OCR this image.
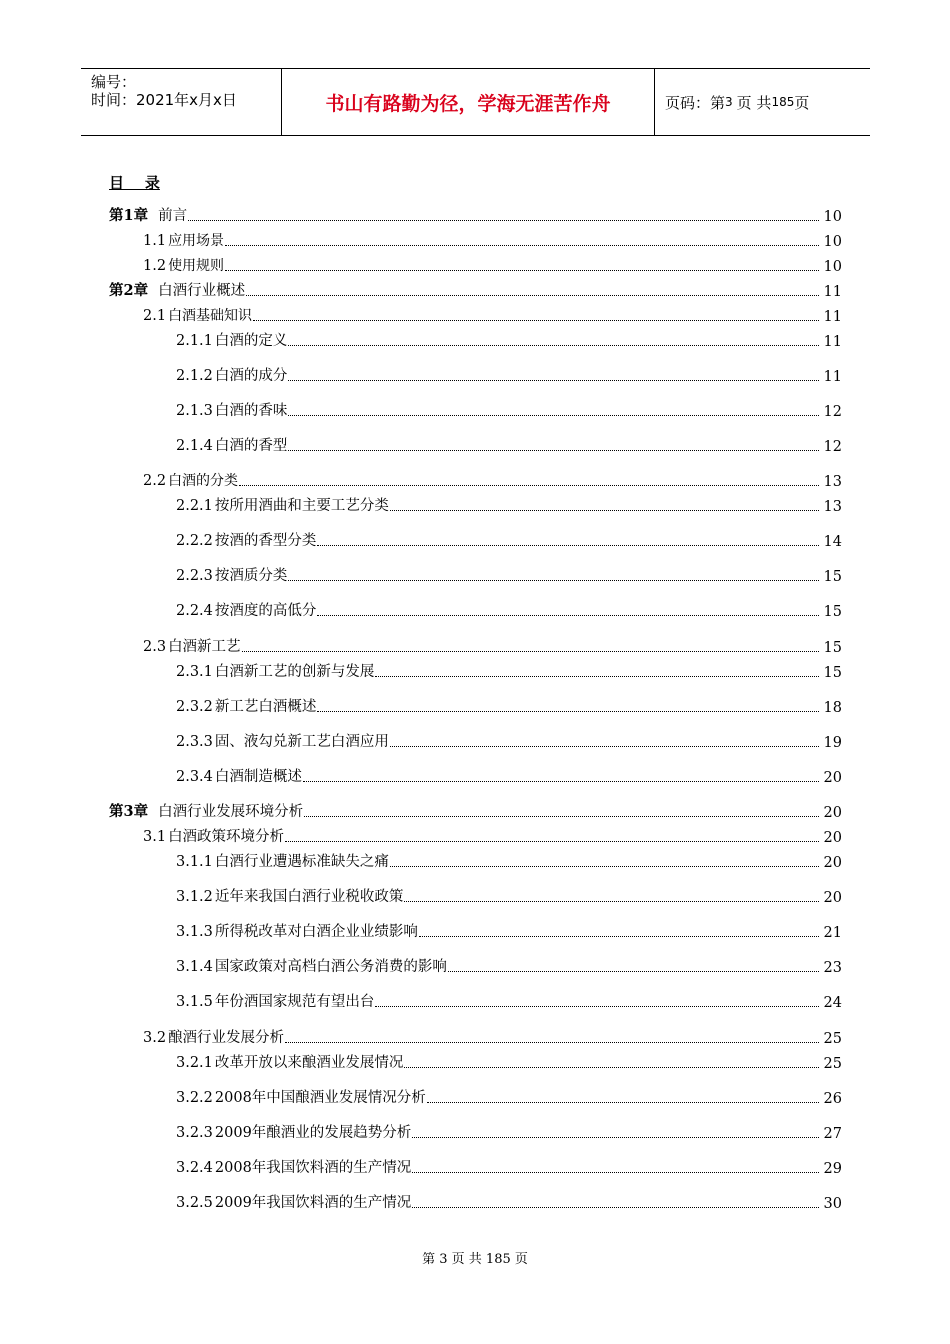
编号：
时间：2021年x月x日	书山有路勤为径，学海无涯苦作舟	页码：第 3 页 共 185 页
目    录
第1章 前言	10
1.1 应用场景	10
1.2 使用规则	10
第2章 白酒行业概述	11
2.1 白酒基础知识	11
2.1.1 白酒的定义	11
2.1.2 白酒的成分	11
2.1.3 白酒的香味	12
2.1.4 白酒的香型	12
2.2 白酒的分类	13
2.2.1 按所用酒曲和主要工艺分类	13
2.2.2 按酒的香型分类	14
2.2.3 按酒质分类	15
2.2.4 按酒度的高低分	15
2.3 白酒新工艺	15
2.3.1 白酒新工艺的创新与发展	15
2.3.2 新工艺白酒概述	18
2.3.3 固、液勾兑新工艺白酒应用	19
2.3.4 白酒制造概述	20
第3章 白酒行业发展环境分析	20
3.1 白酒政策环境分析	20
3.1.1 白酒行业遭遇标准缺失之痛	20
3.1.2 近年来我国白酒行业税收政策	20
3.1.3 所得税改革对白酒企业业绩影响	21
3.1.4 国家政策对高档白酒公务消费的影响	23
3.1.5 年份酒国家规范有望出台	24
3.2 酿酒行业发展分析	25
3.2.1 改革开放以来酿酒业发展情况	25
3.2.2 2008年中国酿酒业发展情况分析	26
3.2.3 2009年酿酒业的发展趋势分析	27
3.2.4 2008年我国饮料酒的生产情况	29
3.2.5 2009年我国饮料酒的生产情况	30
第 3 页 共 185 页
